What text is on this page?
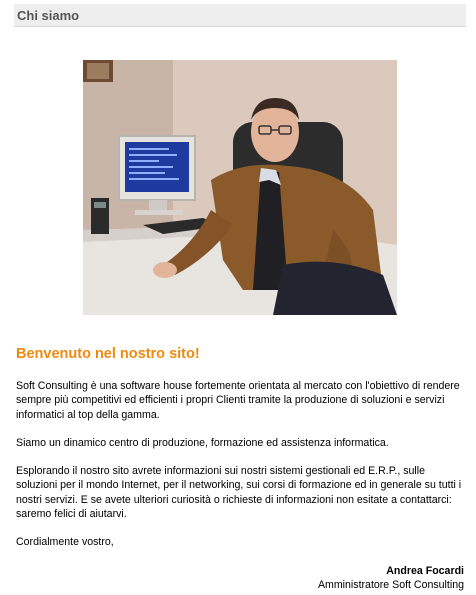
Chi siamo
Benvenuto nel nostro sito!

Soft Consulting è una software house fortemente orientata al mercato con l'obiettivo di rendere sempre più competitivi ed efficienti i propri Clienti tramite la produzione di soluzioni e servizi informatici al top della gamma.

Siamo un dinamico centro di produzione, formazione ed assistenza informatica.

Esplorando il nostro sito avrete informazioni sui nostri sistemi gestionali ed E.R.P., sulle soluzioni per il mondo Internet, per il networking, sui corsi di formazione ed in generale su tutti i nostri servizi. E se avete ulteriori curiosità o richieste di informazioni non esitate a contattarci: saremo felici di aiutarvi.

Cordialmente vostro,

Andrea Focardi
Amministratore Soft Consulting
